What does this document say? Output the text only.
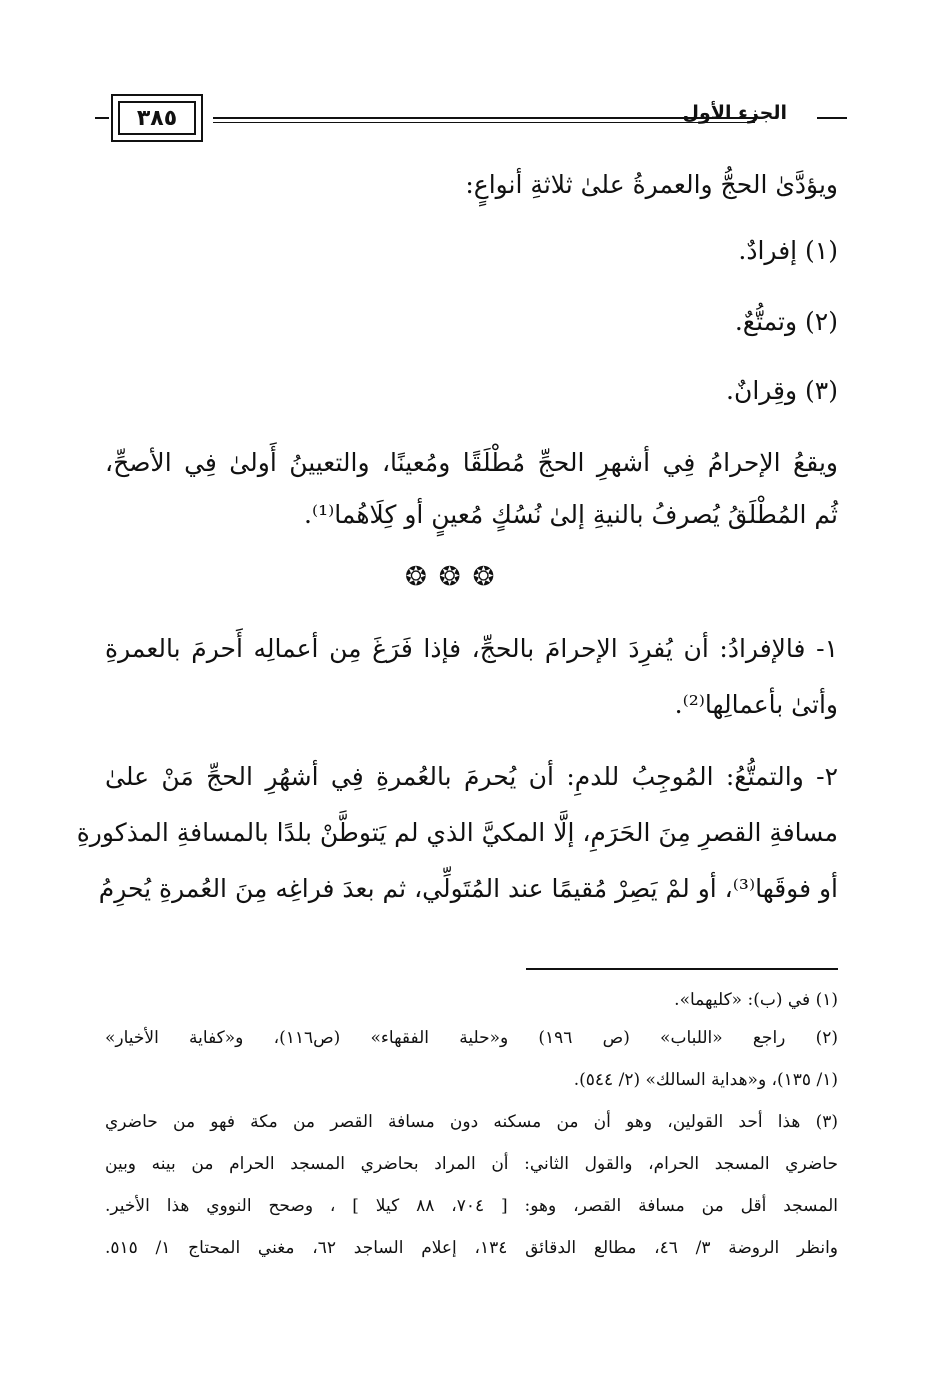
٣٨٥	الجزء الأول
ويؤدَّىٰ الحجُّ والعمرةُ علىٰ ثلاثةِ أنواعٍ:
(١) إفرادٌ.
(٢) وتمتُّعٌ.
(٣) وقِرانٌ.
ويقعُ الإحرامُ فِي أشهرِ الحجِّ مُطْلَقًا ومُعينًا، والتعيينُ أَولىٰ فِي الأصحِّ،
ثُم المُطْلَقُ يُصرفُ بالنيةِ إلىٰ نُسُكٍ مُعينٍ أو كِلَاهُما⁽¹⁾.
❂❂❂
١- فالإفرادُ: أن يُفرِدَ الإحرامَ بالحجِّ، فإذا فَرَغَ مِن أعمالِه أَحرمَ بالعمرةِ
وأتىٰ بأعمالِها⁽²⁾.
٢- والتمتُّعُ: المُوجِبُ للدمِ: أن يُحرمَ بالعُمرةِ فِي أشهُرِ الحجِّ مَنْ علىٰ
مسافةِ القصرِ مِنَ الحَرَمِ، إلَّا المكيَّ الذي لم يَتوطَّنْ بلدًا بالمسافةِ المذكورةِ
أو فوقَها⁽³⁾، أو لمْ يَصِرْ مُقيمًا عند المُتَولِّي، ثم بعدَ فراغِه مِنَ العُمرةِ يُحرِمُ
(١) في (ب): «كليهما».
(٢) راجع «اللباب» (ص ١٩٦) و«حلية الفقهاء» (ص١١٦)، و«كفاية الأخيار»
(١/ ١٣٥)، و«هداية السالك» (٢/ ٥٤٤).
(٣) هذا أحد القولين، وهو أن من مسكنه دون مسافة القصر من مكة فهو من حاضري
حاضري المسجد الحرام، والقول الثاني: أن المراد بحاضري المسجد الحرام من بينه وبين
المسجد أقل من مسافة القصر، وهو: [ ٧٠٤، ٨٨ كيلا ] ، وصحح النووي هذا الأخير.
وانظر الروضة ٣/ ٤٦، مطالع الدقائق ١٣٤، إعلام الساجد ٦٢، مغني المحتاج ١/ ٥١٥.
